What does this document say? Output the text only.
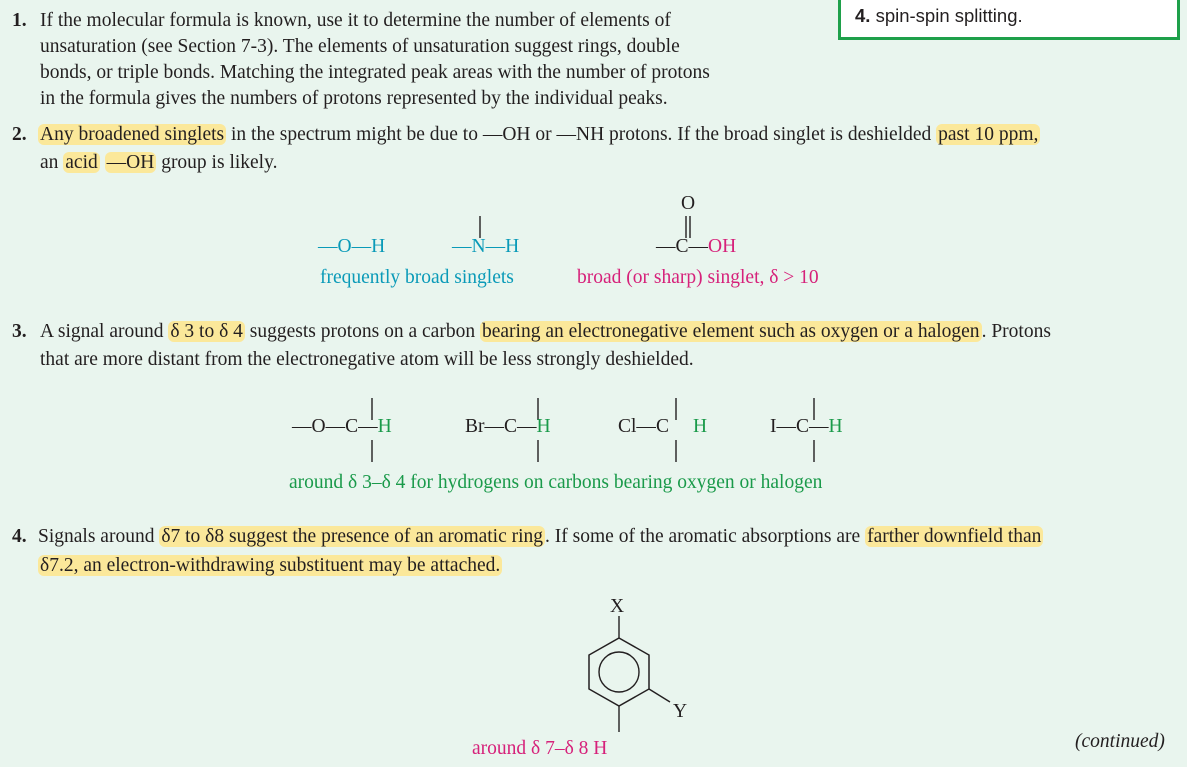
4. spin-spin splitting.
1. If the molecular formula is known, use it to determine the number of elements of
unsaturation (see Section 7-3). The elements of unsaturation suggest rings, double
bonds, or triple bonds. Matching the integrated peak areas with the number of protons
in the formula gives the numbers of protons represented by the individual peaks.
2. Any broadened singlets in the spectrum might be due to —OH or —NH protons. If the broad singlet is deshielded past 10 ppm,
an acid —OH group is likely.
—O—H	—N—H
O
—C—OH
frequently broad singlets	broad (or sharp) singlet, δ > 10
3. A signal around δ 3 to δ 4 suggests protons on a carbon bearing an electronegative element such as oxygen or a halogen . Protons
that are more distant from the electronegative atom will be less strongly deshielded.
—O—C—H	Br—C—H	Cl—C H	I—C—H
around δ 3–δ 4 for hydrogens on carbons bearing oxygen or halogen
4. Signals around δ7 to δ8 suggest the presence of an aromatic ring . If some of the aromatic absorptions are farther downfield than
δ7.2, an electron-withdrawing substituent may be attached.
X
Y
around δ 7–δ 8 H	(continued)
